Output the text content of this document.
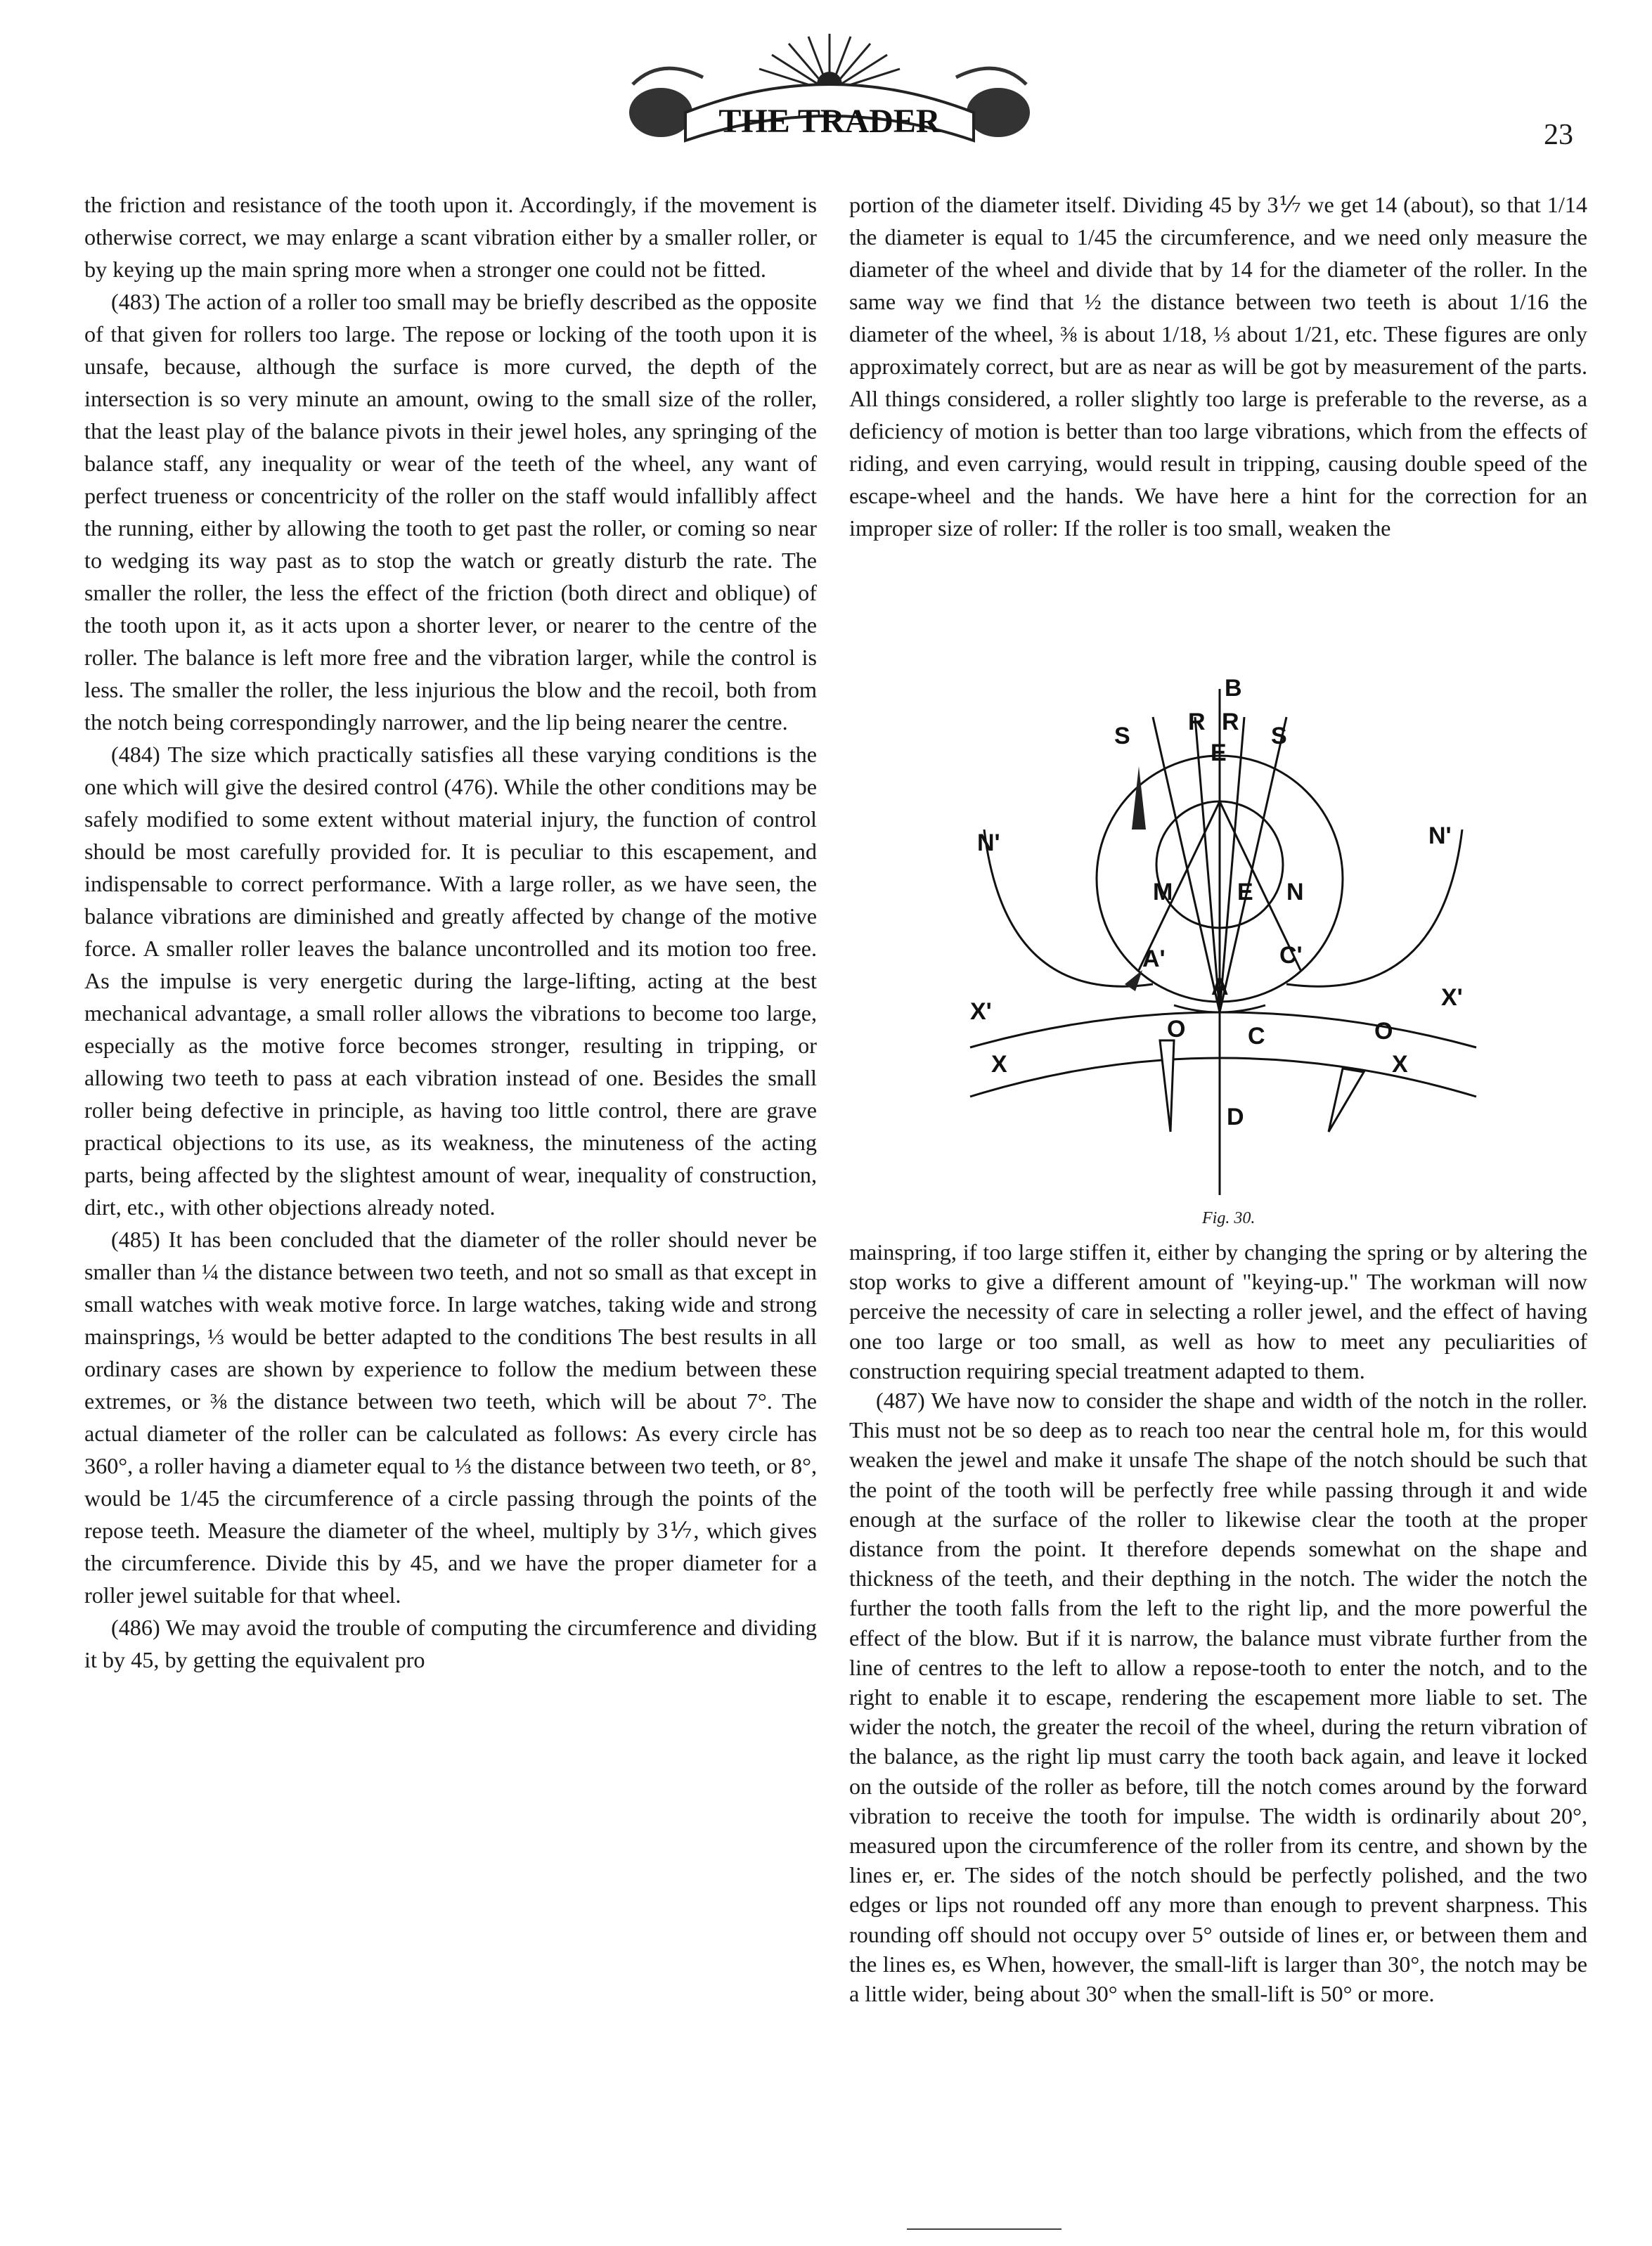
THE TRADER	23

the friction and resistance of the tooth upon it. Accordingly, if the movement is otherwise correct, we may enlarge a scant vibration either by a smaller roller, or by keying up the main spring more when a stronger one could not be fitted.

(483) The action of a roller too small may be briefly described as the opposite of that given for rollers too large. The repose or locking of the tooth upon it is unsafe, because, although the surface is more curved, the depth of the intersection is so very minute an amount, owing to the small size of the roller, that the least play of the balance pivots in their jewel holes, any springing of the balance staff, any inequality or wear of the teeth of the wheel, any want of perfect trueness or concentricity of the roller on the staff would infallibly affect the running, either by allowing the tooth to get past the roller, or coming so near to wedging its way past as to stop the watch or greatly disturb the rate. The smaller the roller, the less the effect of the friction (both direct and oblique) of the tooth upon it, as it acts upon a shorter lever, or nearer to the centre of the roller. The balance is left more free and the vibration larger, while the control is less. The smaller the roller, the less injurious the blow and the recoil, both from the notch being correspondingly narrower, and the lip being nearer the centre.

(484) The size which practically satisfies all these varying conditions is the one which will give the desired control (476). While the other conditions may be safely modified to some extent without material injury, the function of control should be most carefully provided for. It is peculiar to this escapement, and indispensable to correct performance. With a large roller, as we have seen, the balance vibrations are diminished and greatly affected by change of the motive force. A smaller roller leaves the balance uncontrolled and its motion too free. As the impulse is very energetic during the large-lifting, acting at the best mechanical advantage, a small roller allows the vibrations to become too large, especially as the motive force becomes stronger, resulting in tripping, or allowing two teeth to pass at each vibration instead of one. Besides the small roller being defective in principle, as having too little control, there are grave practical objections to its use, as its weakness, the minuteness of the acting parts, being affected by the slightest amount of wear, inequality of construction, dirt, etc., with other objections already noted.

(485) It has been concluded that the diameter of the roller should never be smaller than ¼ the distance between two teeth, and not so small as that except in small watches with weak motive force. In large watches, taking wide and strong mainsprings, ⅓ would be better adapted to the conditions The best results in all ordinary cases are shown by experience to follow the medium between these extremes, or ⅜ the distance between two teeth, which will be about 7°. The actual diameter of the roller can be calculated as follows: As every circle has 360°, a roller having a diameter equal to ⅓ the distance between two teeth, or 8°, would be 1/45 the circumference of a circle passing through the points of the repose teeth. Measure the diameter of the wheel, multiply by 3⅐, which gives the circumference. Divide this by 45, and we have the proper diameter for a roller jewel suitable for that wheel.

(486) We may avoid the trouble of computing the circumference and dividing it by 45, by getting the equivalent pro

portion of the diameter itself. Dividing 45 by 3⅐ we get 14 (about), so that 1/14 the diameter is equal to 1/45 the circumference, and we need only measure the diameter of the wheel and divide that by 14 for the diameter of the roller. In the same way we find that ½ the distance between two teeth is about 1/16 the diameter of the wheel, ⅜ is about 1/18, ⅓ about 1/21, etc. These figures are only approximately correct, but are as near as will be got by measurement of the parts. All things considered, a roller slightly too large is preferable to the reverse, as a deficiency of motion is better than too large vibrations, which from the effects of riding, and even carrying, would result in tripping, causing double speed of the escape-wheel and the hands. We have here a hint for the correction for an improper size of roller: If the roller is too small, weaken the

B
R R
S	S
E
N'	N'
M	E N
A'	C'
A
X'
X'
O	O
C
X	X
D
Fig. 30.

mainspring, if too large stiffen it, either by changing the spring or by altering the stop works to give a different amount of "keying-up." The workman will now perceive the necessity of care in selecting a roller jewel, and the effect of having one too large or too small, as well as how to meet any peculiarities of construction requiring special treatment adapted to them.

(487) We have now to consider the shape and width of the notch in the roller. This must not be so deep as to reach too near the central hole m, for this would weaken the jewel and make it unsafe The shape of the notch should be such that the point of the tooth will be perfectly free while passing through it and wide enough at the surface of the roller to likewise clear the tooth at the proper distance from the point. It therefore depends somewhat on the shape and thickness of the teeth, and their depthing in the notch. The wider the notch the further the tooth falls from the left to the right lip, and the more powerful the effect of the blow. But if it is narrow, the balance must vibrate further from the line of centres to the left to allow a repose-tooth to enter the notch, and to the right to enable it to escape, rendering the escapement more liable to set. The wider the notch, the greater the recoil of the wheel, during the return vibration of the balance, as the right lip must carry the tooth back again, and leave it locked on the outside of the roller as before, till the notch comes around by the forward vibration to receive the tooth for impulse. The width is ordinarily about 20°, measured upon the circumference of the roller from its centre, and shown by the lines er, er. The sides of the notch should be perfectly polished, and the two edges or lips not rounded off any more than enough to prevent sharpness. This rounding off should not occupy over 5° outside of lines er, or between them and the lines es, es When, however, the small-lift is larger than 30°, the notch may be a little wider, being about 30° when the small-lift is 50° or more.
